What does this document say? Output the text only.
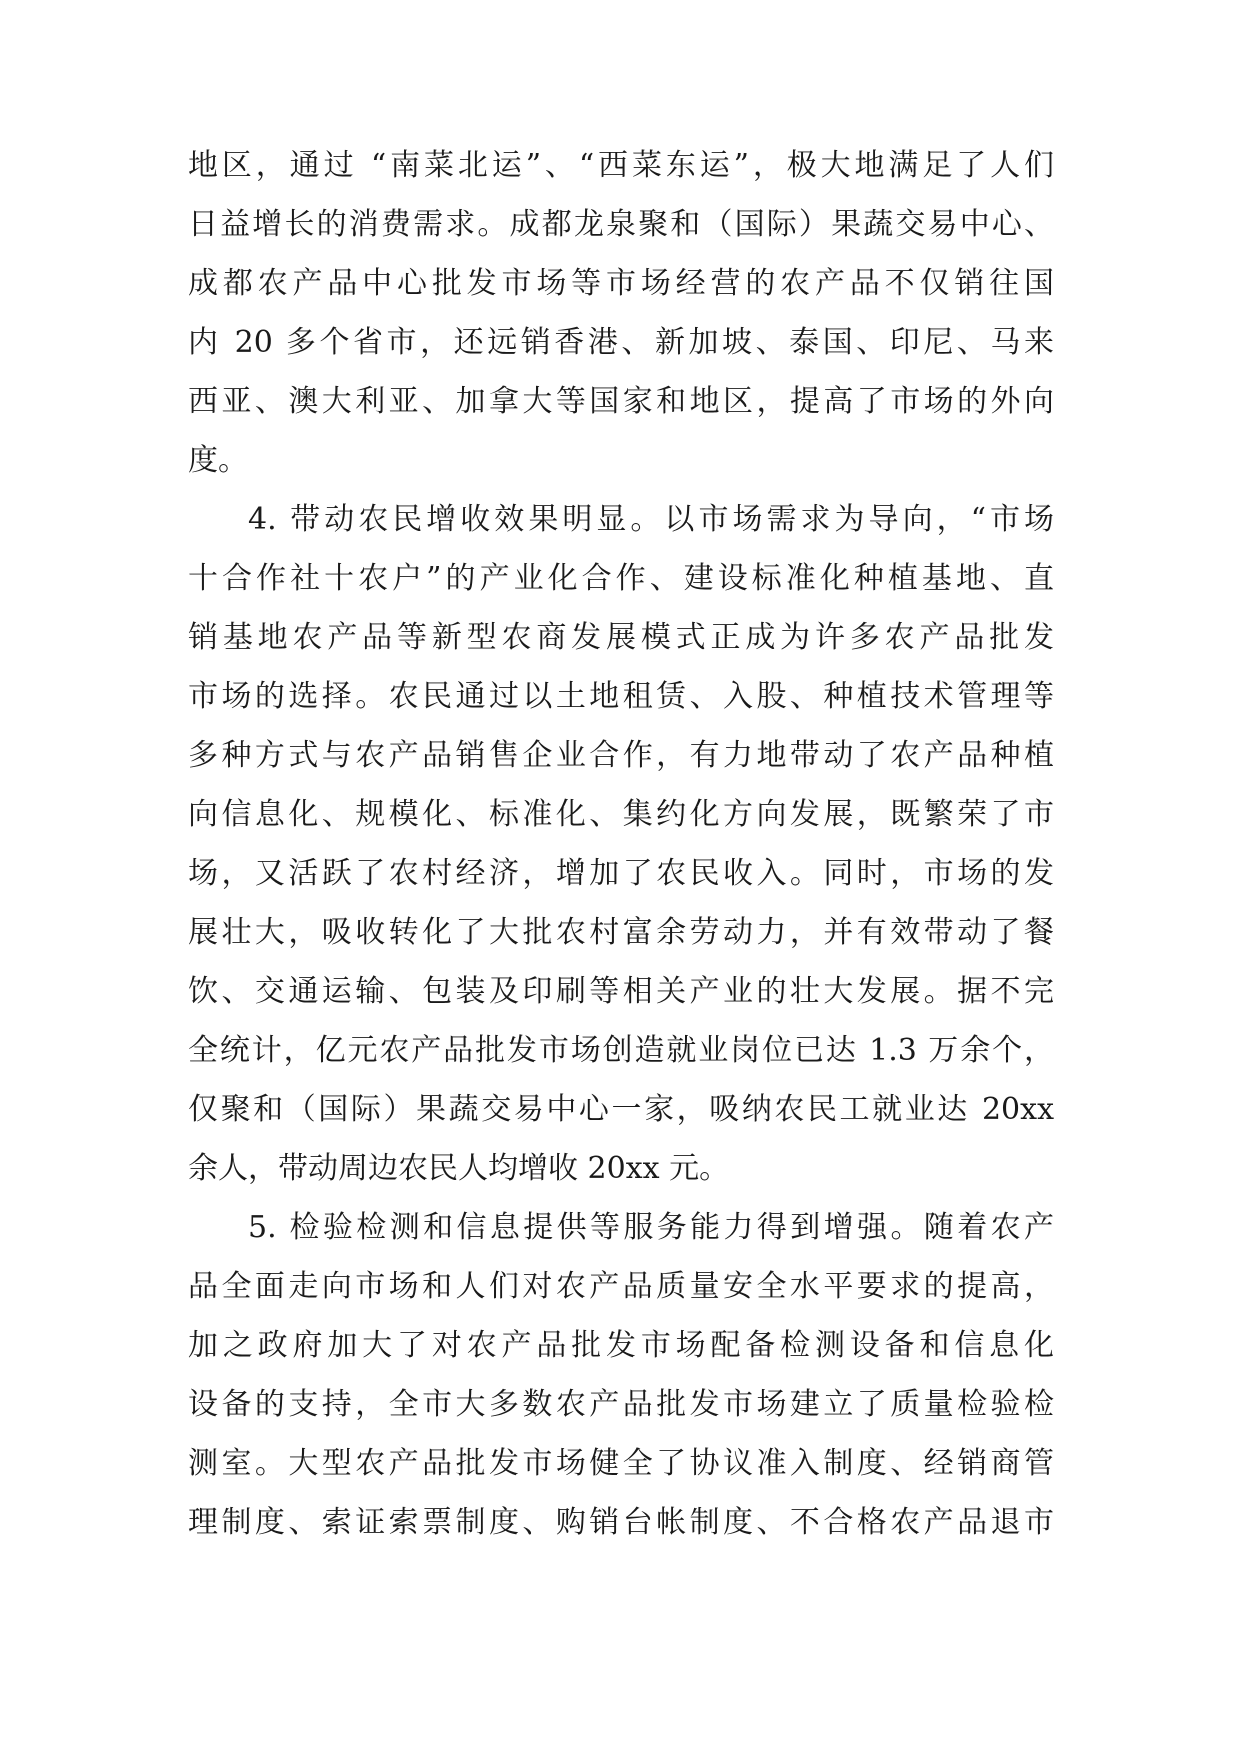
地区，通过 “南菜北运”、“西菜东运”，极大地满足了人们
日益增长的消费需求。成都龙泉聚和（国际）果蔬交易中心、
成都农产品中心批发市场等市场经营的农产品不仅销往国
内 20 多个省市，还远销香港、新加坡、泰国、印尼、马来
西亚、澳大利亚、加拿大等国家和地区，提高了市场的外向
度。
4. 带动农民增收效果明显。以市场需求为导向，“市场
十合作社十农户”的产业化合作、建设标准化种植基地、直
销基地农产品等新型农商发展模式正成为许多农产品批发
市场的选择。农民通过以土地租赁、入股、种植技术管理等
多种方式与农产品销售企业合作，有力地带动了农产品种植
向信息化、规模化、标准化、集约化方向发展，既繁荣了市
场，又活跃了农村经济，增加了农民收入。同时，市场的发
展壮大，吸收转化了大批农村富余劳动力，并有效带动了餐
饮、交通运输、包装及印刷等相关产业的壮大发展。据不完
全统计，亿元农产品批发市场创造就业岗位已达 1.3 万余个，
仅聚和（国际）果蔬交易中心一家，吸纳农民工就业达 20xx
余人，带动周边农民人均增收 20xx 元。
5. 检验检测和信息提供等服务能力得到增强。随着农产
品全面走向市场和人们对农产品质量安全水平要求的提高，
加之政府加大了对农产品批发市场配备检测设备和信息化
设备的支持，全市大多数农产品批发市场建立了质量检验检
测室。大型农产品批发市场健全了协议准入制度、经销商管
理制度、索证索票制度、购销台帐制度、不合格农产品退市
